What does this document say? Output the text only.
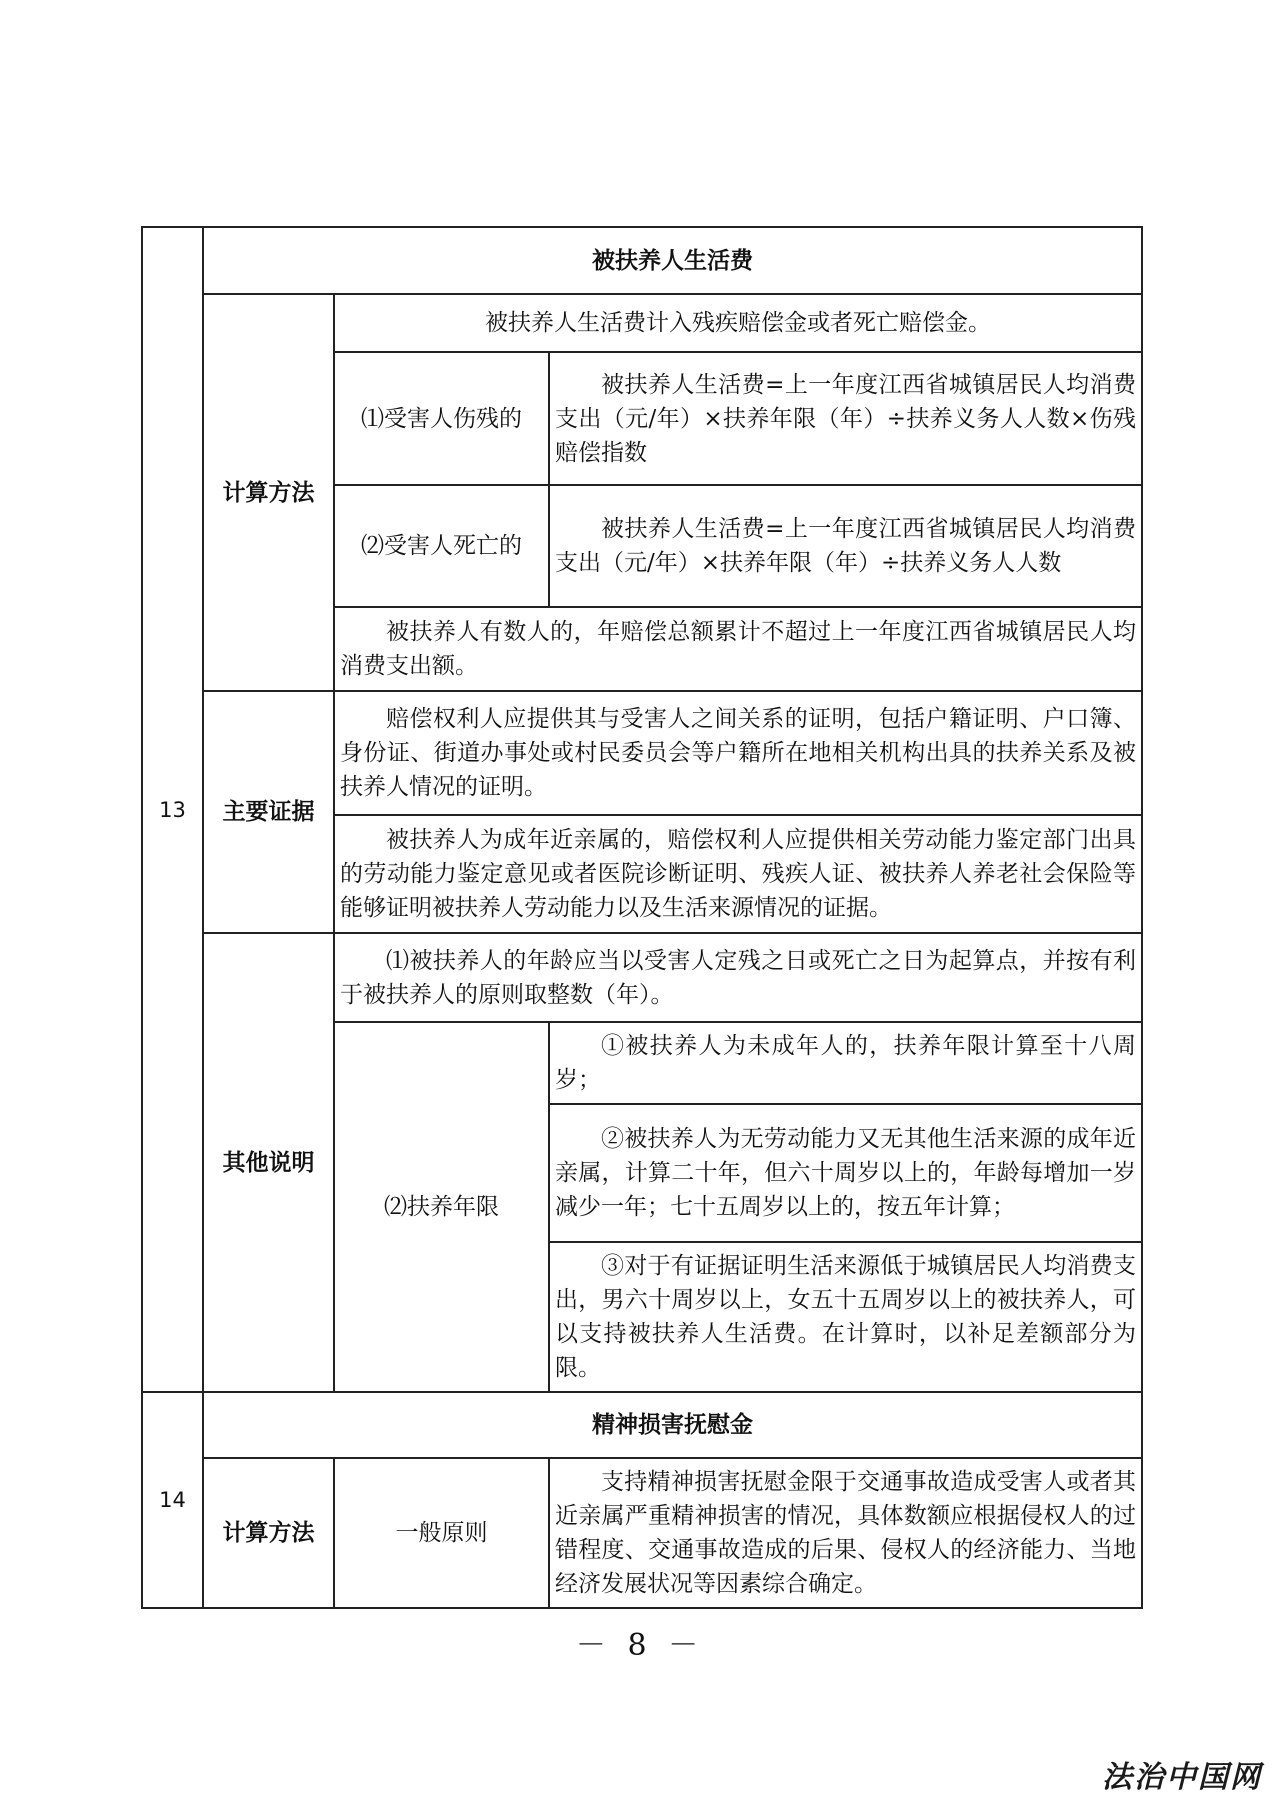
13	被扶养人生活费		
	计算方法	被扶养人生活费计入残疾赔偿金或者死亡赔偿金。	
		⑴受害人伤残的	被扶养人生活费=上一年度江西省城镇居民人均消费支出（元/年）×扶养年限（年）÷扶养义务人人数×伤残赔偿指数
		⑵受害人死亡的	被扶养人生活费=上一年度江西省城镇居民人均消费支出（元/年）×扶养年限（年）÷扶养义务人人数
		被扶养人有数人的，年赔偿总额累计不超过上一年度江西省城镇居民人均消费支出额。	
	主要证据	赔偿权利人应提供其与受害人之间关系的证明，包括户籍证明、户口簿、身份证、街道办事处或村民委员会等户籍所在地相关机构出具的扶养关系及被扶养人情况的证明。	
		被扶养人为成年近亲属的，赔偿权利人应提供相关劳动能力鉴定部门出具的劳动能力鉴定意见或者医院诊断证明、残疾人证、被扶养人养老社会保险等能够证明被扶养人劳动能力以及生活来源情况的证据。	
	其他说明	⑴被扶养人的年龄应当以受害人定残之日或死亡之日为起算点，并按有利于被扶养人的原则取整数（年）。	
		⑵扶养年限	①被扶养人为未成年人的，扶养年限计算至十八周岁；
			②被扶养人为无劳动能力又无其他生活来源的成年近亲属，计算二十年，但六十周岁以上的，年龄每增加一岁减少一年；七十五周岁以上的，按五年计算；
			③对于有证据证明生活来源低于城镇居民人均消费支出，男六十周岁以上，女五十五周岁以上的被扶养人，可以支持被扶养人生活费。在计算时，以补足差额部分为限。
14	精神损害抚慰金		
	计算方法	一般原则	支持精神损害抚慰金限于交通事故造成受害人或者其近亲属严重精神损害的情况，具体数额应根据侵权人的过错程度、交通事故造成的后果、侵权人的经济能力、当地经济发展状况等因素综合确定。
－ 8 －
法治中国网
